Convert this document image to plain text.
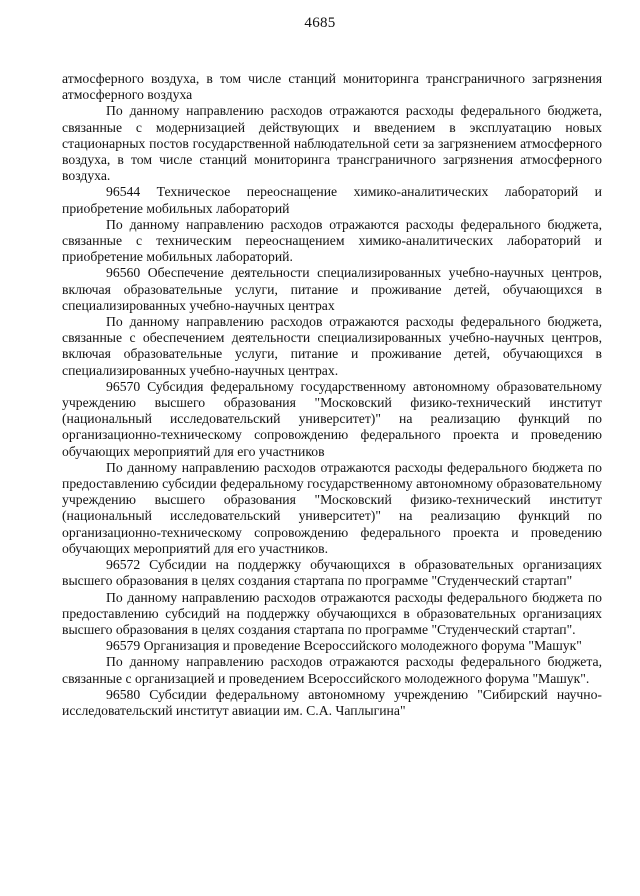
4685

атмосферного воздуха, в том числе станций мониторинга трансграничного загрязнения атмосферного воздуха

По данному направлению расходов отражаются расходы федерального бюджета, связанные с модернизацией действующих и введением в эксплуатацию новых стационарных постов государственной наблюдательной сети за загрязнением атмосферного воздуха, в том числе станций мониторинга трансграничного загрязнения атмосферного воздуха.

96544 Техническое переоснащение химико-аналитических лабораторий и приобретение мобильных лабораторий

По данному направлению расходов отражаются расходы федерального бюджета, связанные с техническим переоснащением химико-аналитических лабораторий и приобретение мобильных лабораторий.

96560 Обеспечение деятельности специализированных учебно-научных центров, включая образовательные услуги, питание и проживание детей, обучающихся в специализированных учебно-научных центрах

По данному направлению расходов отражаются расходы федерального бюджета, связанные с обеспечением деятельности специализированных учебно-научных центров, включая образовательные услуги, питание и проживание детей, обучающихся в специализированных учебно-научных центрах.

96570 Субсидия федеральному государственному автономному образовательному учреждению высшего образования "Московский физико-технический институт (национальный исследовательский университет)" на реализацию функций по организационно-техническому сопровождению федерального проекта и проведению обучающих мероприятий для его участников

По данному направлению расходов отражаются расходы федерального бюджета по предоставлению субсидии федеральному государственному автономному образовательному учреждению высшего образования "Московский физико-технический институт (национальный исследовательский университет)" на реализацию функций по организационно-техническому сопровождению федерального проекта и проведению обучающих мероприятий для его участников.

96572 Субсидии на поддержку обучающихся в образовательных организациях высшего образования в целях создания стартапа по программе "Студенческий стартап"

По данному направлению расходов отражаются расходы федерального бюджета по предоставлению субсидий на поддержку обучающихся в образовательных организациях высшего образования в целях создания стартапа по программе "Студенческий стартап".

96579 Организация и проведение Всероссийского молодежного форума "Машук"

По данному направлению расходов отражаются расходы федерального бюджета, связанные с организацией и проведением Всероссийского молодежного форума "Машук".

96580 Субсидии федеральному автономному учреждению "Сибирский научно-исследовательский институт авиации им. С.А. Чаплыгина"
